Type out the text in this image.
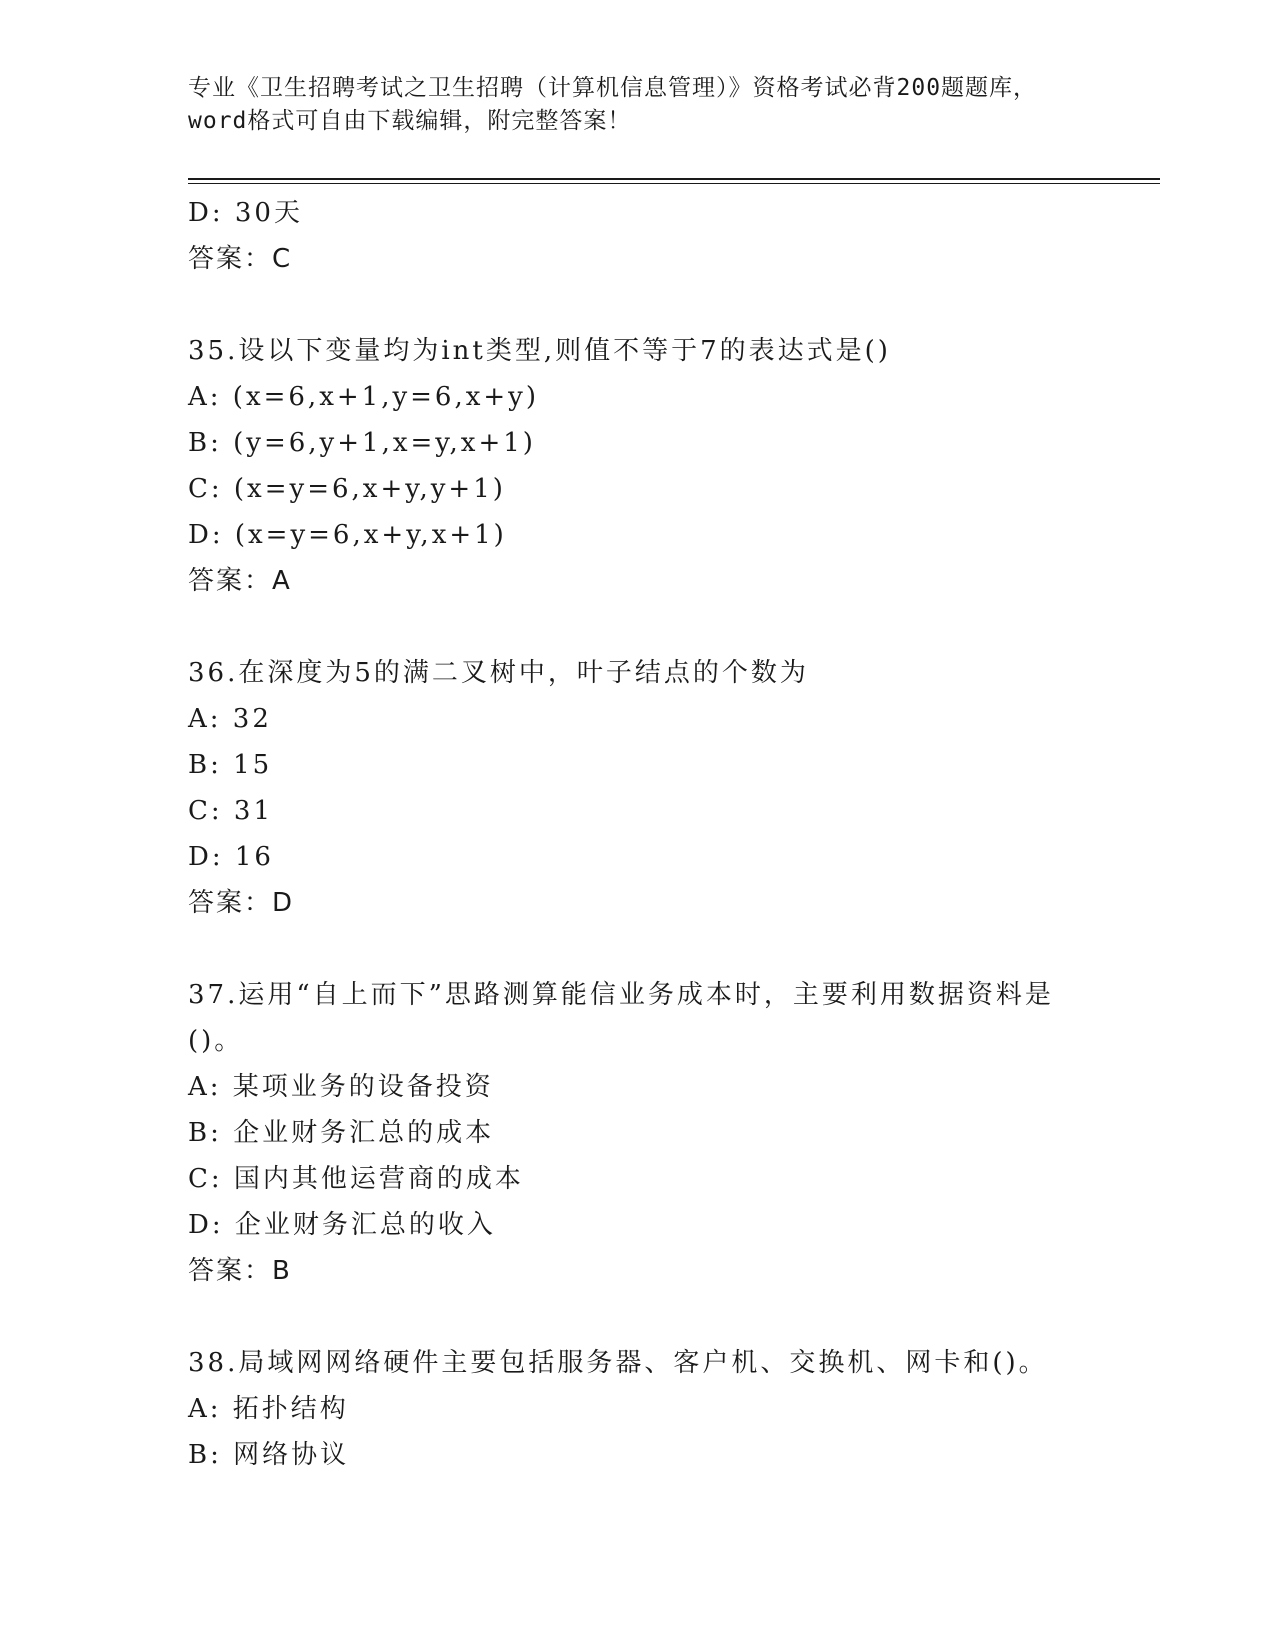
专业《卫生招聘考试之卫生招聘（计算机信息管理）》资格考试必背200题题库，
word格式可自由下载编辑，附完整答案！
D: 30天
答案：C
35.设以下变量均为int类型,则值不等于7的表达式是()
A: (x=6,x+1,y=6,x+y)
B: (y=6,y+1,x=y,x+1)
C: (x=y=6,x+y,y+1)
D: (x=y=6,x+y,x+1)
答案：A
36.在深度为5的满二叉树中，叶子结点的个数为
A: 32
B: 15
C: 31
D: 16
答案：D
37.运用“自上而下”思路测算能信业务成本时，主要利用数据资料是
()。
A: 某项业务的设备投资
B: 企业财务汇总的成本
C: 国内其他运营商的成本
D: 企业财务汇总的收入
答案：B
38.局域网网络硬件主要包括服务器、客户机、交换机、网卡和()。
A: 拓扑结构
B: 网络协议
